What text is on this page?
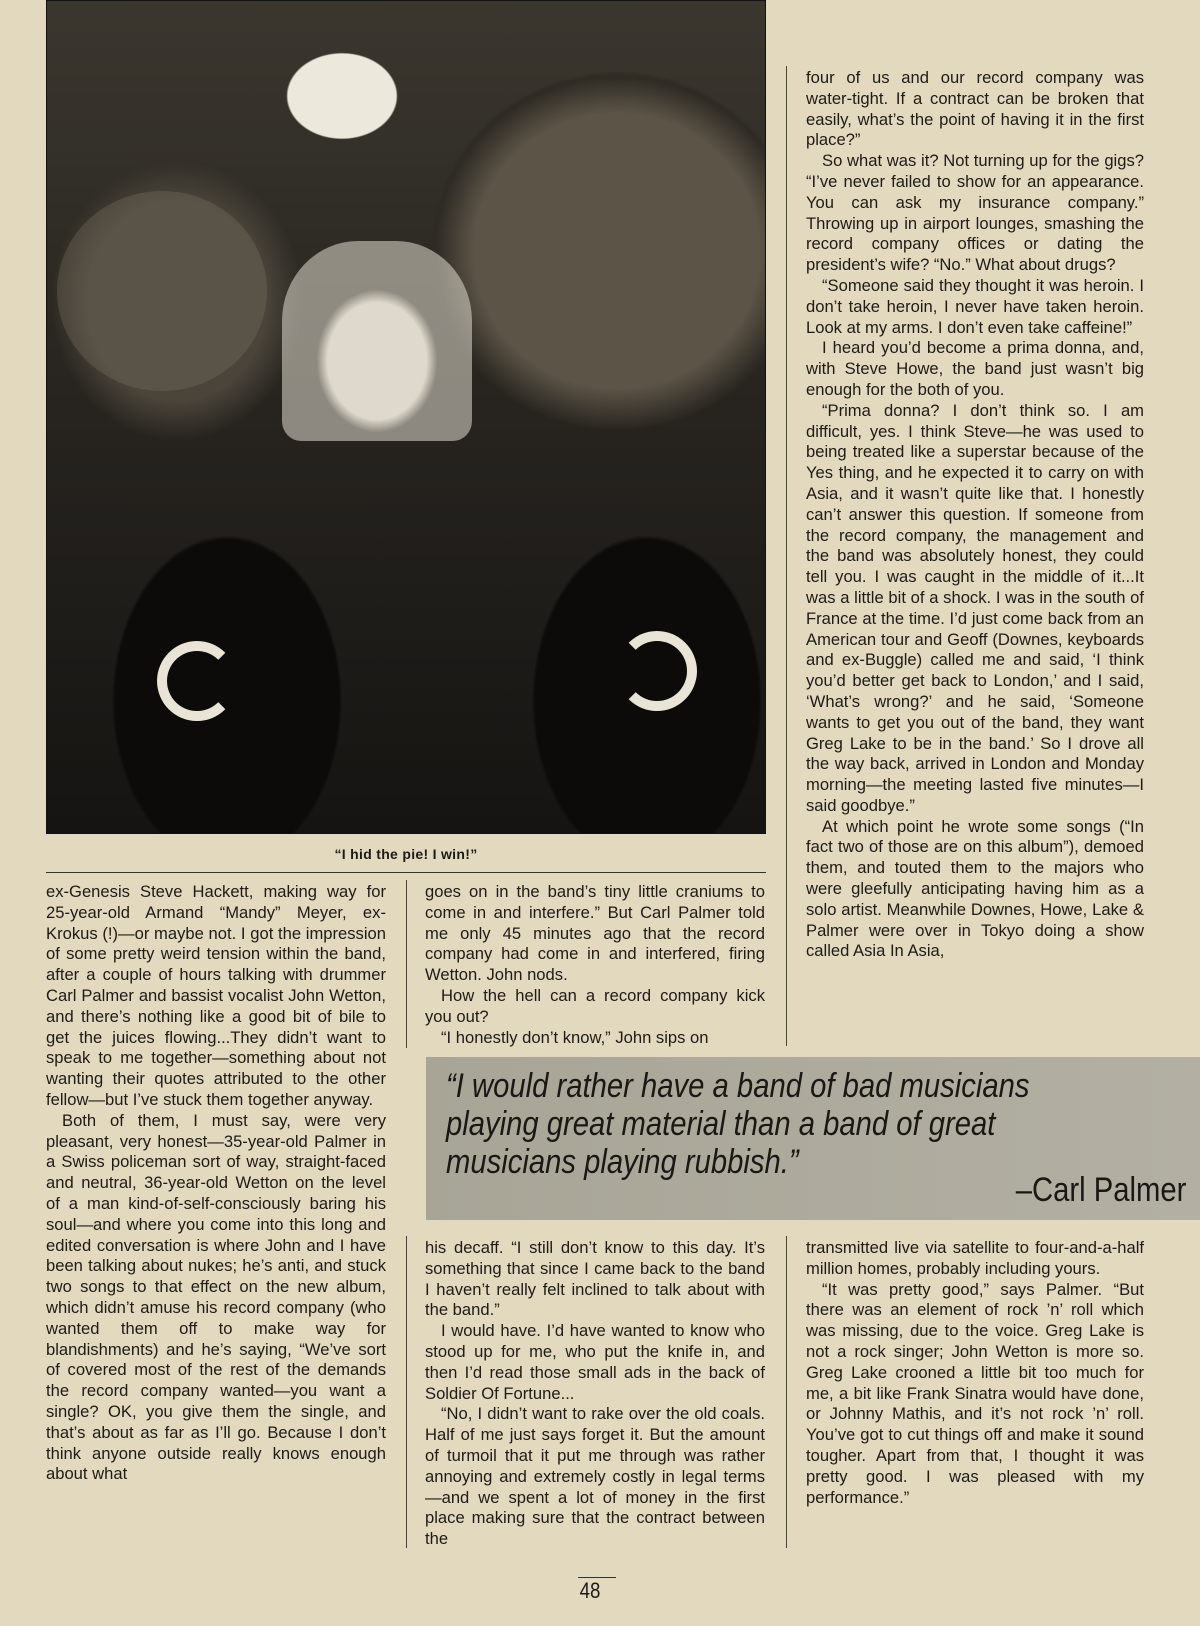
“I hid the pie! I win!”

four of us and our record company was water-tight. If a contract can be broken that easily, what’s the point of having it in the first place?”

So what was it? Not turning up for the gigs? “I’ve never failed to show for an appearance. You can ask my insurance company.” Throwing up in airport lounges, smashing the record company offices or dating the president’s wife? “No.” What about drugs?

“Someone said they thought it was heroin. I don’t take heroin, I never have taken heroin. Look at my arms. I don’t even take caffeine!”

I heard you’d become a prima donna, and, with Steve Howe, the band just wasn’t big enough for the both of you.

“Prima donna? I don’t think so. I am difficult, yes. I think Steve—he was used to being treated like a superstar because of the Yes thing, and he expected it to carry on with Asia, and it wasn’t quite like that. I honestly can’t answer this question. If someone from the record company, the management and the band was absolutely honest, they could tell you. I was caught in the middle of it...It was a little bit of a shock. I was in the south of France at the time. I’d just come back from an American tour and Geoff (Downes, keyboards and ex-Buggle) called me and said, ‘I think you’d better get back to London,’ and I said, ‘What’s wrong?’ and he said, ‘Someone wants to get you out of the band, they want Greg Lake to be in the band.’ So I drove all the way back, arrived in London and Monday morning—the meeting lasted five minutes—I said goodbye.”

At which point he wrote some songs (“In fact two of those are on this album”), demoed them, and touted them to the majors who were gleefully anticipating having him as a solo artist. Meanwhile Downes, Howe, Lake & Palmer were over in Tokyo doing a show called Asia In Asia,

ex-Genesis Steve Hackett, making way for 25-year-old Armand “Mandy” Meyer, ex-Krokus (!)—or maybe not. I got the impression of some pretty weird tension within the band, after a couple of hours talking with drummer Carl Palmer and bassist vocalist John Wetton, and there’s nothing like a good bit of bile to get the juices flowing...They didn’t want to speak to me together—something about not wanting their quotes attributed to the other fellow—but I’ve stuck them together anyway.

Both of them, I must say, were very pleasant, very honest—35-year-old Palmer in a Swiss policeman sort of way, straight-faced and neutral, 36-year-old Wetton on the level of a man kind-of-self-consciously baring his soul—and where you come into this long and edited conversation is where John and I have been talking about nukes; he’s anti, and stuck two songs to that effect on the new album, which didn’t amuse his record company (who wanted them off to make way for blandishments) and he’s saying, “We’ve sort of covered most of the rest of the demands the record company wanted—you want a single? OK, you give them the single, and that’s about as far as I’ll go. Because I don’t think anyone outside really knows enough about what

goes on in the band’s tiny little craniums to come in and interfere.” But Carl Palmer told me only 45 minutes ago that the record company had come in and interfered, firing Wetton. John nods.

How the hell can a record company kick you out?

“I honestly don’t know,” John sips on

“I would rather have a band of bad musicians playing great material than a band of great musicians playing rubbish.”

–Carl Palmer

his decaff. “I still don’t know to this day. It’s something that since I came back to the band I haven’t really felt inclined to talk about with the band.”

I would have. I’d have wanted to know who stood up for me, who put the knife in, and then I’d read those small ads in the back of Soldier Of Fortune...

“No, I didn’t want to rake over the old coals. Half of me just says forget it. But the amount of turmoil that it put me through was rather annoying and extremely costly in legal terms—and we spent a lot of money in the first place making sure that the contract between the

transmitted live via satellite to four-and-a-half million homes, probably including yours.

“It was pretty good,” says Palmer. “But there was an element of rock ’n’ roll which was missing, due to the voice. Greg Lake is not a rock singer; John Wetton is more so. Greg Lake crooned a little bit too much for me, a bit like Frank Sinatra would have done, or Johnny Mathis, and it’s not rock ’n’ roll. You’ve got to cut things off and make it sound tougher. Apart from that, I thought it was pretty good. I was pleased with my performance.”

48
